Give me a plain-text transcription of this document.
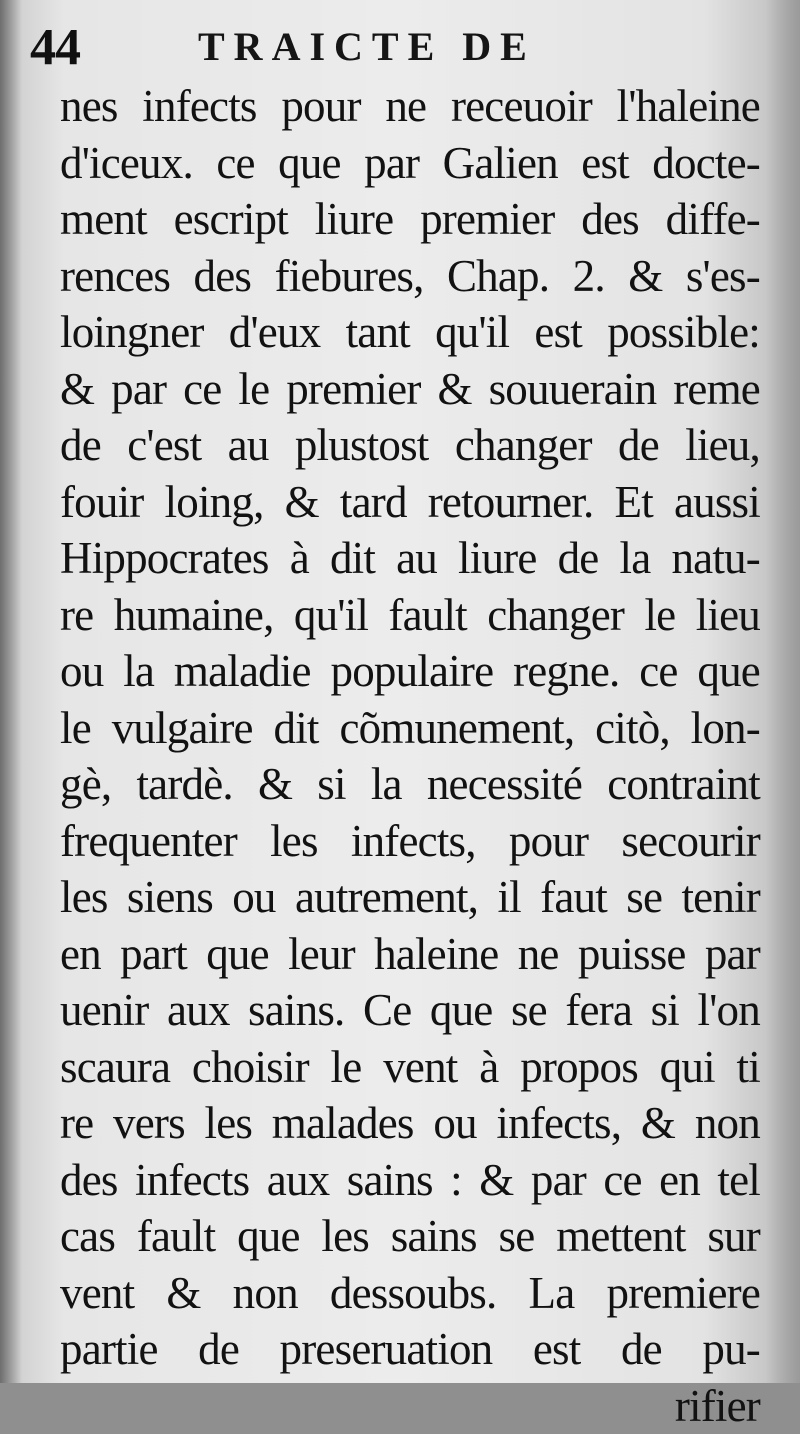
44	TRAICTE DE
nes infects pour ne receuoir l'haleine
d'iceux. ce que par Galien est docte-
ment escript liure premier des diffe-
rences des fiebures, Chap. 2. & s'es-
loingner d'eux tant qu'il est possible:
& par ce le premier & souuerain reme
de c'est au plustost changer de lieu,
fouir loing, & tard retourner. Et aussi
Hippocrates à dit au liure de la natu-
re humaine, qu'il fault changer le lieu
ou la maladie populaire regne. ce que
le vulgaire dit cõmunement, citò, lon-
gè, tardè. & si la necessité contraint
frequenter les infects, pour secourir
les siens ou autrement, il faut se tenir
en part que leur haleine ne puisse par
uenir aux sains. Ce que se fera si l'on
scaura choisir le vent à propos qui ti
re vers les malades ou infects, & non
des infects aux sains : & par ce en tel
cas fault que les sains se mettent sur
vent & non dessoubs. La premiere
partie de preseruation est de pu-
rifier
